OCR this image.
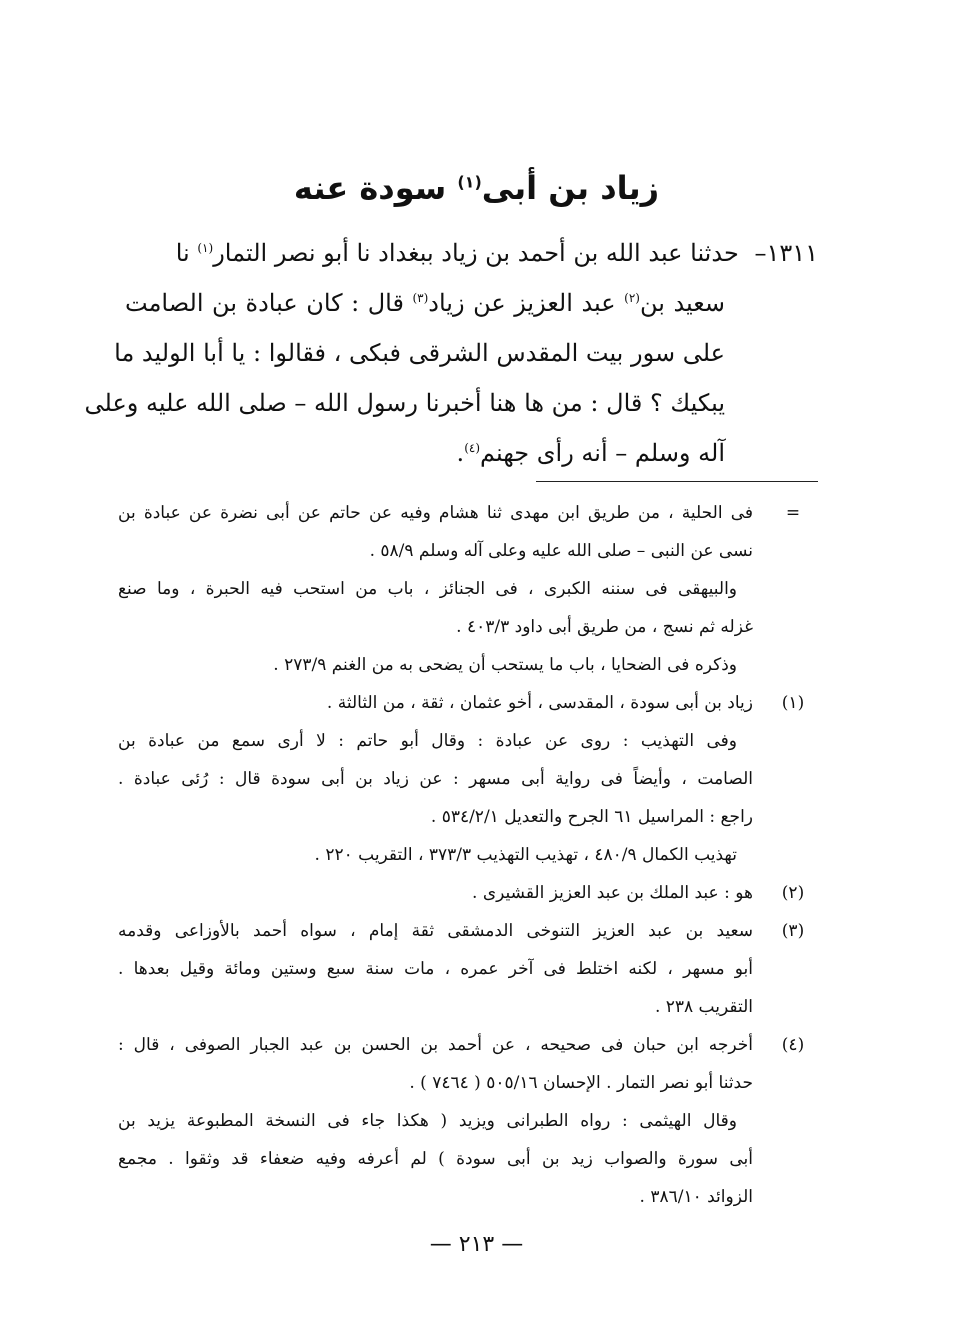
زياد بن أبى$^{(١)}$ سودة عنه

١٣١١– حدثنا عبد الله بن أحمد بن زياد ببغداد نا أبو نصر التمار$^{(١)}$ نا

سعيد بن$^{(٢)}$ عبد العزيز عن زياد$^{(٣)}$ قال : كان عبادة بن الصامت
على سور بيت المقدس الشرقى فبكى ، فقالوا : يا أبا الوليد ما
يبكيك ؟ قال : من ها هنا أخبرنا رسول الله – صلى الله عليه وعلى
آله وسلم – أنه رأى جهنم$^{(٤)}$.

=
فى الحلية ، من طريق ابن مهدى ثنا هشام وفيه عن حاتم عن أبى نضرة عن عبادة بن
نسى عن النبى – صلى الله عليه وعلى آله وسلم ٥٨/٩ .
والبيهقى فى سننه الكبرى ، فى الجنائز ، باب من استحب فيه الحبرة ، وما صنع
غزله ثم نسج ، من طريق أبى داود ٤٠٣/٣ .
وذكره فى الضحايا ، باب ما يستحب أن يضحى به من الغنم ٢٧٣/٩ .
(١)
زياد بن أبى سودة ، المقدسى ، أخو عثمان ، ثقة ، من الثالثة .
وفى التهذيب : روى عن عبادة : وقال أبو حاتم : لا أرى سمع من عبادة بن
الصامت ، وأيضاً فى رواية أبى مسهر : عن زياد بن أبى سودة قال : رُئى عبادة .
راجع : المراسيل ٦١ الجرح والتعديل ٥٣٤/٢/١ .
تهذيب الكمال ٤٨٠/٩ ، تهذيب التهذيب ٣٧٣/٣ ، التقريب ٢٢٠ .
(٢)
هو : عبد الملك بن عبد العزيز القشيرى .
(٣)
سعيد بن عبد العزيز التنوخى الدمشقى ثقة إمام ، سواه أحمد بالأوزاعى وقدمه
أبو مسهر ، لكنه اختلط فى آخر عمره ، مات سنة سبع وستين ومائة وقيل بعدها .
التقريب ٢٣٨ .
(٤)
أخرجه ابن حبان فى صحيحه ، عن أحمد بن الحسن بن عبد الجبار الصوفى ، قال :
حدثنا أبو نصر التمار . الإحسان ٥٠٥/١٦ ( ٧٤٦٤ ) .
وقال الهيثمى : رواه الطبرانى ويزيد ( هكذا جاء فى النسخة المطبوعة يزيد بن
أبى سورة والصواب زيد بن أبى سودة ) لم أعرفه وفيه ضعفاء قد وثقوا . مجمع
الزوائد ٣٨٦/١٠ .

— ٢١٣ —
